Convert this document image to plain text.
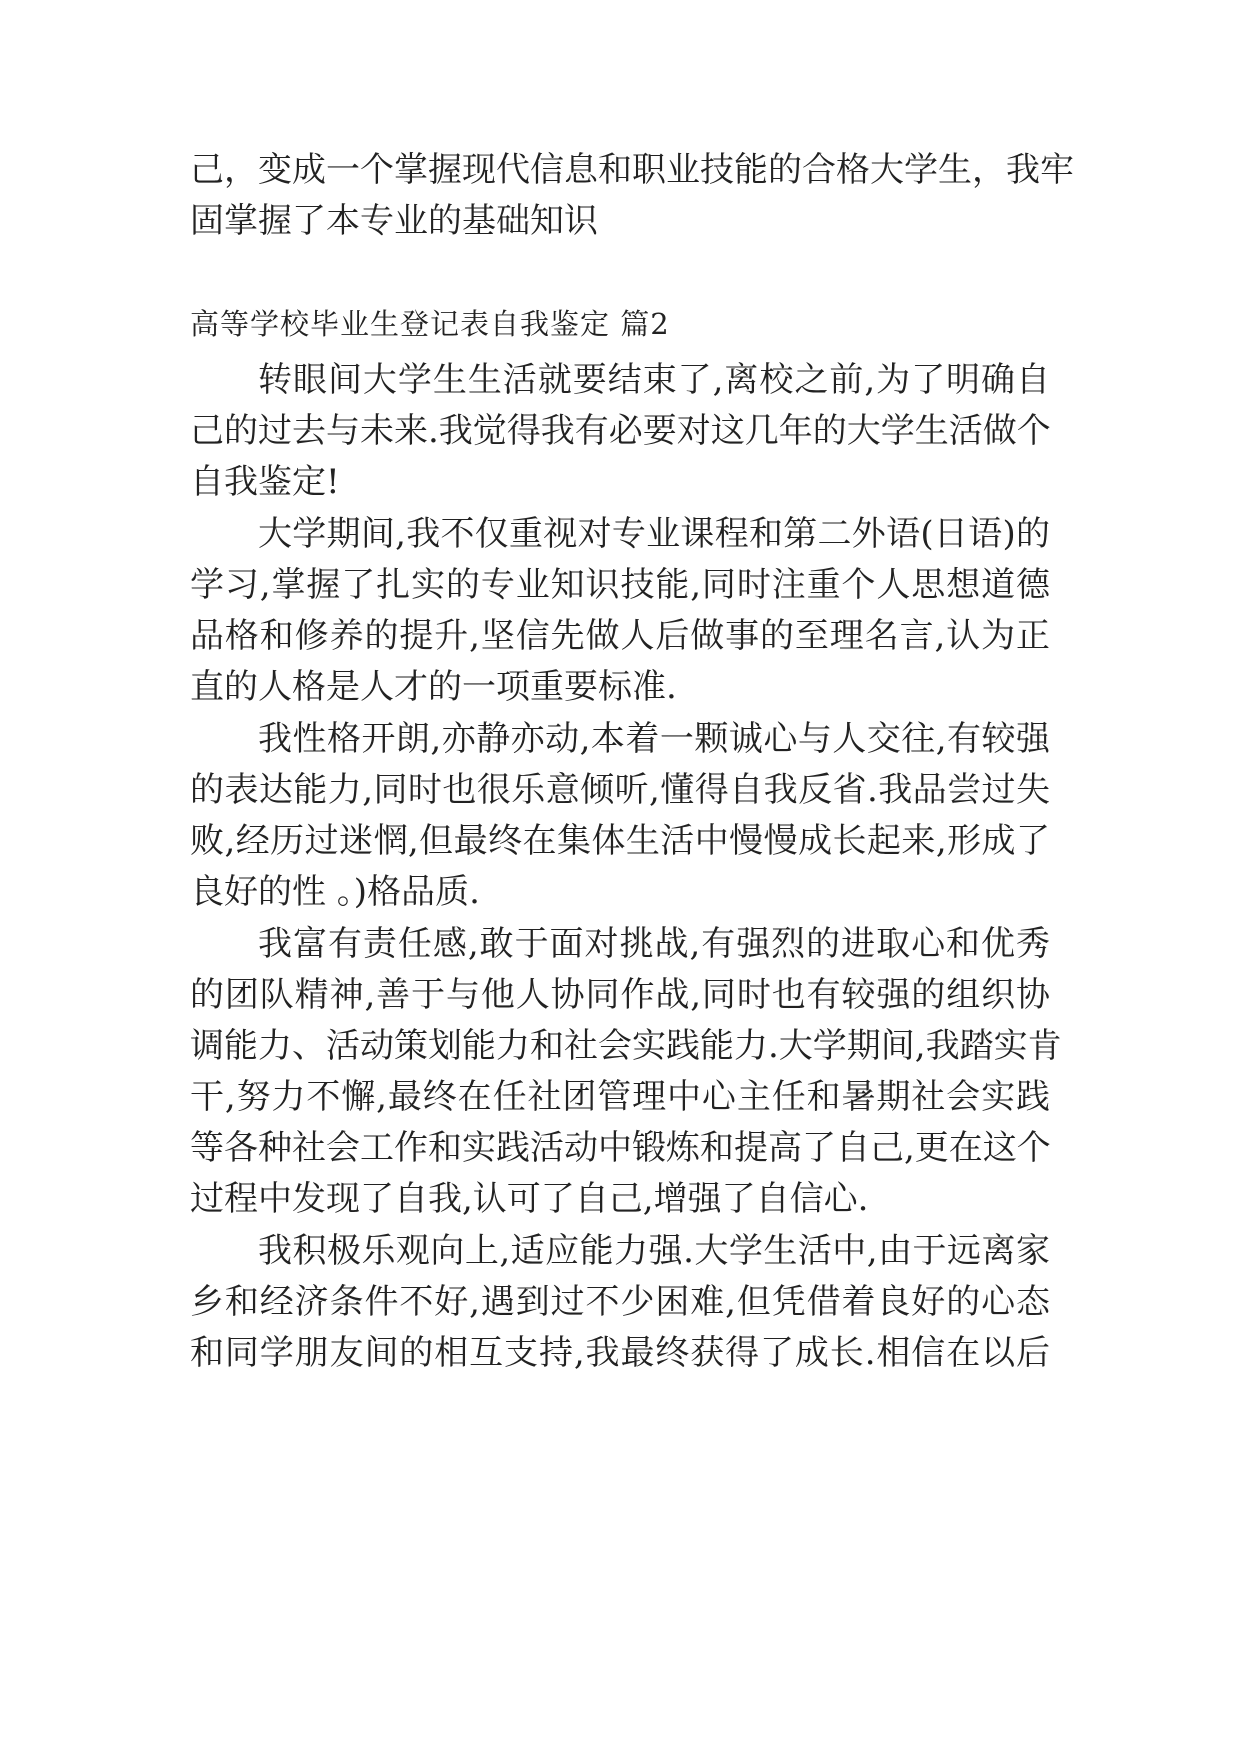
己，变成一个掌握现代信息和职业技能的合格大学生，我牢
固掌握了本专业的基础知识
高等学校毕业生登记表自我鉴定 篇2
转眼间大学生生活就要结束了,离校之前,为了明确自
己的过去与未来.我觉得我有必要对这几年的大学生活做个
自我鉴定!
大学期间,我不仅重视对专业课程和第二外语(日语)的
学习,掌握了扎实的专业知识技能,同时注重个人思想道德
品格和修养的提升,坚信先做人后做事的至理名言,认为正
直的人格是人才的一项重要标准.
我性格开朗,亦静亦动,本着一颗诚心与人交往,有较强
的表达能力,同时也很乐意倾听,懂得自我反省.我品尝过失
败,经历过迷惘,但最终在集体生活中慢慢成长起来,形成了
良好的性 。)格品质.
我富有责任感,敢于面对挑战,有强烈的进取心和优秀
的团队精神,善于与他人协同作战,同时也有较强的组织协
调能力、活动策划能力和社会实践能力.大学期间,我踏实肯
干,努力不懈,最终在任社团管理中心主任和暑期社会实践
等各种社会工作和实践活动中锻炼和提高了自己,更在这个
过程中发现了自我,认可了自己,增强了自信心.
我积极乐观向上,适应能力强.大学生活中,由于远离家
乡和经济条件不好,遇到过不少困难,但凭借着良好的心态
和同学朋友间的相互支持,我最终获得了成长.相信在以后
